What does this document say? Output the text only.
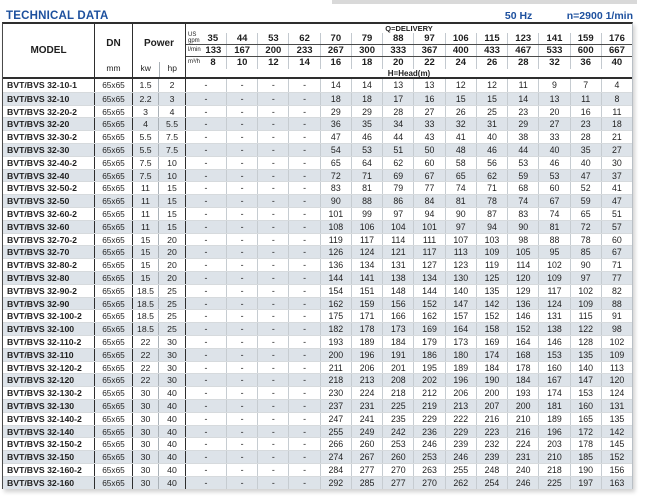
TECHNICAL DATA	50 Hz	n=2900 1/min
MODEL
DN
mm
Power
kw	hp
Q=DELIVERY
US
gpm 35	44	53	62	70	79	88	97	106	115	123	141	159	176
l/min 133	167	200	233	267	300	333	367	400	433	467	533	600	667
m³/h	8	10	12	14	16	18	20	22	24	26	28	32	36	40
H=Head(m)
BVT/BVS 32-10-1	65x65	1.5	2	-	-	-	-	14	14	13	13	12	12	11	9	7	4
BVT/BVS 32-10	65x65	2.2	3	-	-	-	-	18	18	17	16	15	15	14	13	11	8
BVT/BVS 32-20-2	65x65	3	4	-	-	-	-	29	29	28	27	26	25	23	20	16	11
BVT/BVS 32-20	65x65	4	5.5	-	-	-	-	36	35	34	33	32	31	29	27	23	18
BVT/BVS 32-30-2	65x65	5.5	7.5	-	-	-	-	47	46	44	43	41	40	38	33	28	21
BVT/BVS 32-30	65x65	5.5	7.5	-	-	-	-	54	53	51	50	48	46	44	40	35	27
BVT/BVS 32-40-2	65x65	7.5	10	-	-	-	-	65	64	62	60	58	56	53	46	40	30
BVT/BVS 32-40	65x65	7.5	10	-	-	-	-	72	71	69	67	65	62	59	53	47	37
BVT/BVS 32-50-2	65x65	11	15	-	-	-	-	83	81	79	77	74	71	68	60	52	41
BVT/BVS 32-50	65x65	11	15	-	-	-	-	90	88	86	84	81	78	74	67	59	47
BVT/BVS 32-60-2	65x65	11	15	-	-	-	-	101	99	97	94	90	87	83	74	65	51
BVT/BVS 32-60	65x65	11	15	-	-	-	-	108	106	104	101	97	94	90	81	72	57
BVT/BVS 32-70-2	65x65	15	20	-	-	-	-	119	117	114	111	107	103	98	88	78	60
BVT/BVS 32-70	65x65	15	20	-	-	-	-	126	124	121	117	113	109	105	95	85	67
BVT/BVS 32-80-2	65x65	15	20	-	-	-	-	136	134	131	127	123	119	114	102	90	71
BVT/BVS 32-80	65x65	15	20	-	-	-	-	144	141	138	134	130	125	120	109	97	77
BVT/BVS 32-90-2	65x65	18.5	25	-	-	-	-	154	151	148	144	140	135	129	117	102	82
BVT/BVS 32-90	65x65	18.5	25	-	-	-	-	162	159	156	152	147	142	136	124	109	88
BVT/BVS 32-100-2	65x65	18.5	25	-	-	-	-	175	171	166	162	157	152	146	131	115	91
BVT/BVS 32-100	65x65	18.5	25	-	-	-	-	182	178	173	169	164	158	152	138	122	98
BVT/BVS 32-110-2	65x65	22	30	-	-	-	-	193	189	184	179	173	169	164	146	128	102
BVT/BVS 32-110	65x65	22	30	-	-	-	-	200	196	191	186	180	174	168	153	135	109
BVT/BVS 32-120-2	65x65	22	30	-	-	-	-	211	206	201	195	189	184	178	160	140	113
BVT/BVS 32-120	65x65	22	30	-	-	-	-	218	213	208	202	196	190	184	167	147	120
BVT/BVS 32-130-2	65x65	30	40	-	-	-	-	230	224	218	212	206	200	193	174	153	124
BVT/BVS 32-130	65x65	30	40	-	-	-	-	237	231	225	219	213	207	200	181	160	131
BVT/BVS 32-140-2	65x65	30	40	-	-	-	-	247	241	235	229	222	216	210	189	165	135
BVT/BVS 32-140	65x65	30	40	-	-	-	-	255	249	242	236	229	223	216	196	172	142
BVT/BVS 32-150-2	65x65	30	40	-	-	-	-	266	260	253	246	239	232	224	203	178	145
BVT/BVS 32-150	65x65	30	40	-	-	-	-	274	267	260	253	246	239	231	210	185	152
BVT/BVS 32-160-2	65x65	30	40	-	-	-	-	284	277	270	263	255	248	240	218	190	156
BVT/BVS 32-160	65x65	30	40	-	-	-	-	292	285	277	270	262	254	246	225	197	163
